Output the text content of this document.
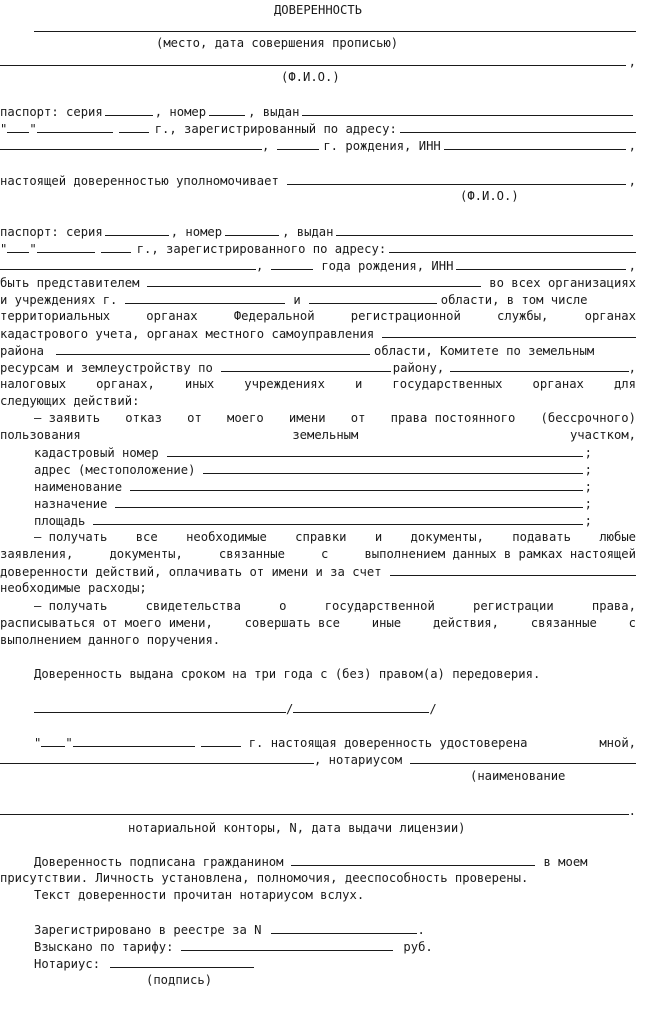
ДОВЕРЕННОСТЬ
(место, дата совершения прописью)
,
(Ф.И.О.)
паспорт: серия	, номер	, выдан
" "	г., зарегистрированный по адресу:
,	г. рождения, ИНН	,
настоящей доверенностью уполномочивает	,
(Ф.И.О.)
паспорт: серия	, номер	, выдан
" "	г., зарегистрированного по адресу:
,	года рождения, ИНН	,
быть представителем	во всех организациях
и учреждениях г.	и	области, в том числе
территориальных	органах	Федеральной	регистрационной	службы,	органах
кадастрового учета, органах местного самоуправления
района	области, Комитете по земельным
ресурсам и землеустройству по	району,	,
налоговых органах, иных учреждениях и государственных органах для
следующих действий:
– заявить отказ от моего имени от права постоянного (бессрочного)
пользования	земельным	участком,
кадастровый номер	;
адрес (местоположение)	;
наименование	;
назначение	;
площадь	;
– получать все необходимые справки и документы, подавать любые
заявления,	документы,	связанные	с	выполнением данных в рамках настоящей
доверенности действий, оплачивать от имени и за счет
необходимые расходы;
– получать	свидетельства	о	государственной	регистрации	права,
расписываться от моего имени,	совершать все	иные	действия,	связанные	с
выполнением данного поручения.
Доверенность выдана сроком на три года с (без) правом(а) передоверия.
/	/
" "	г. настоящая доверенность удостоверена	мной,
, нотариусом
(наименование
.
нотариальной конторы, N, дата выдачи лицензии)
Доверенность подписана гражданином	в моем
присутствии. Личность установлена, полномочия, дееспособность проверены.
Текст доверенности прочитан нотариусом вслух.
Зарегистрировано в реестре за N	.
Взыскано по тарифу:	руб.
Нотариус:
(подпись)
